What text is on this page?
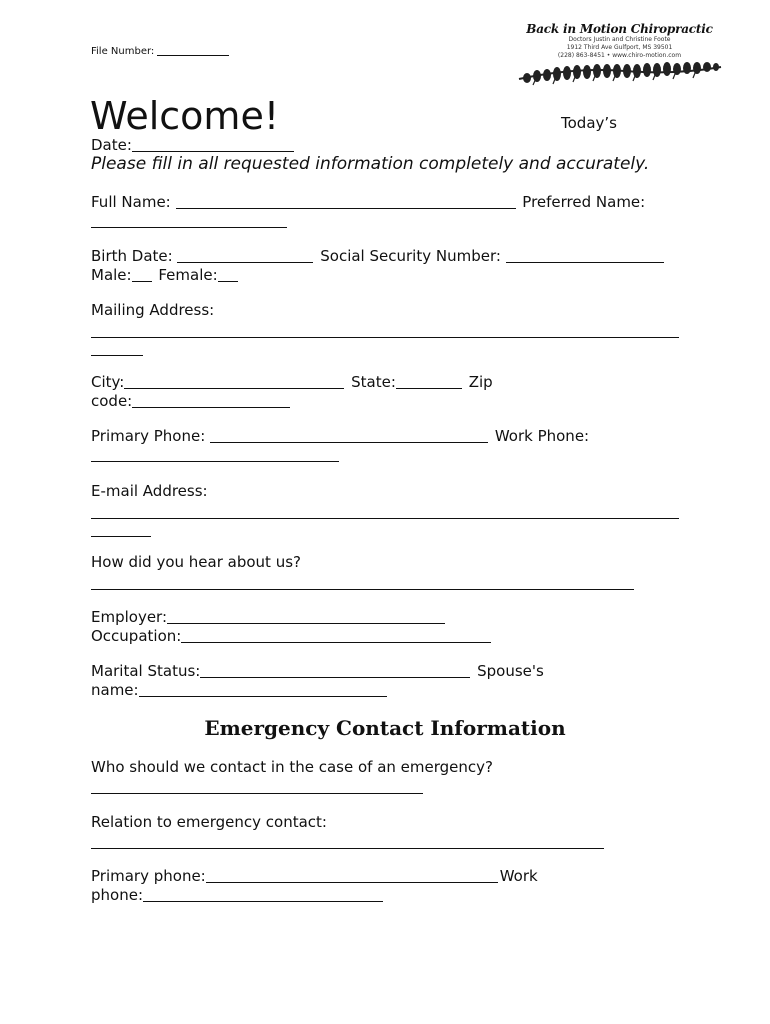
File Number:
Back in Motion Chiropractic
Doctors Justin and Christine Foote
1912 Third Ave Gulfport, MS 39501
(228) 863-8451 • www.chiro-motion.com
Welcome!	Today’s
Date:
Please fill in all requested information completely and accurately.
Full Name:	Preferred Name:
Birth Date:	Social Security Number:
Male: Female:
Mailing Address:
City:	State:	Zip
code:
Primary Phone:	Work Phone:
E-mail Address:
How did you hear about us?
Employer:
Occupation:
Marital Status:	Spouse's
name:
Emergency Contact Information
Who should we contact in the case of an emergency?
Relation to emergency contact:
Primary phone:	Work
phone:
